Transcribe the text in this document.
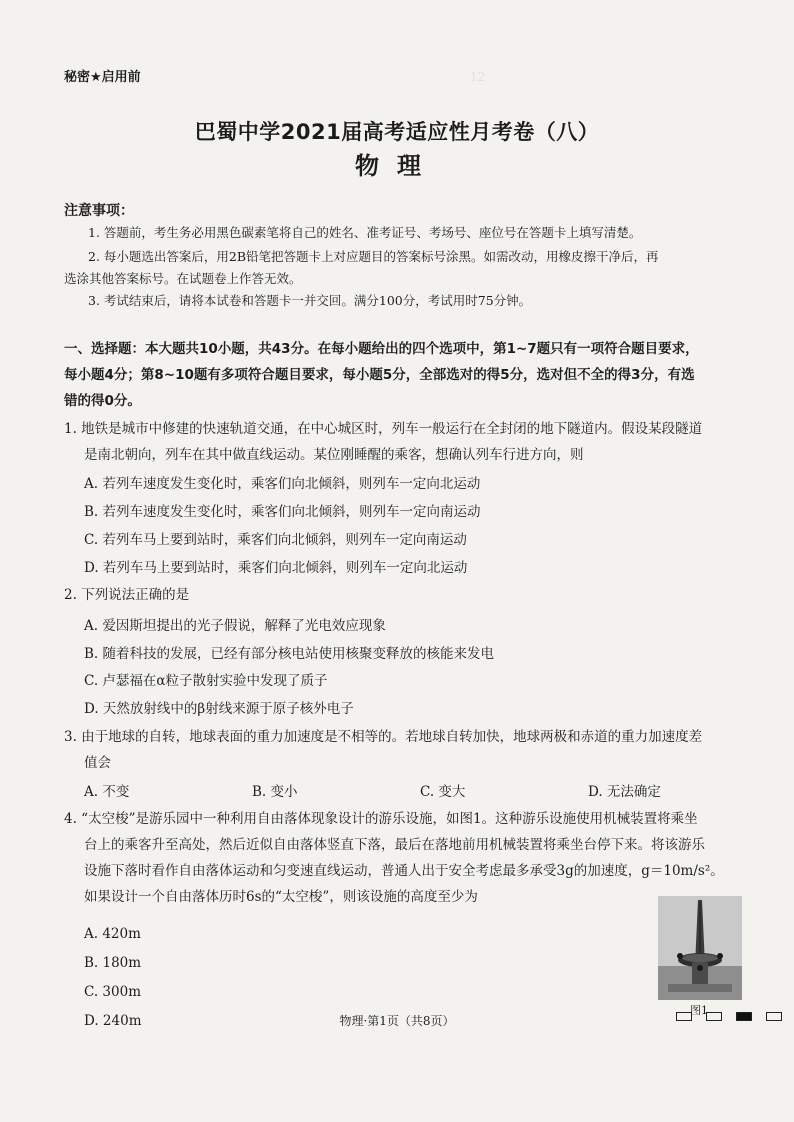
12
秘密★启用前
巴蜀中学2021届高考适应性月考卷（八）
物理
注意事项：
1. 答题前，考生务必用黑色碳素笔将自己的姓名、准考证号、考场号、座位号在答题卡上填写清楚。
2. 每小题选出答案后，用2B铅笔把答题卡上对应题目的答案标号涂黑。如需改动，用橡皮擦干净后，再
选涂其他答案标号。在试题卷上作答无效。
3. 考试结束后，请将本试卷和答题卡一并交回。满分100分，考试用时75分钟。
一、选择题：本大题共10小题，共43分。在每小题给出的四个选项中，第1~7题只有一项符合题目要求，
每小题4分；第8~10题有多项符合题目要求，每小题5分，全部选对的得5分，选对但不全的得3分，有选
错的得0分。
1. 地铁是城市中修建的快速轨道交通，在中心城区时，列车一般运行在全封闭的地下隧道内。假设某段隧道
是南北朝向，列车在其中做直线运动。某位刚睡醒的乘客，想确认列车行进方向，则
A. 若列车速度发生变化时，乘客们向北倾斜，则列车一定向北运动
B. 若列车速度发生变化时，乘客们向北倾斜，则列车一定向南运动
C. 若列车马上要到站时，乘客们向北倾斜，则列车一定向南运动
D. 若列车马上要到站时，乘客们向北倾斜，则列车一定向北运动
2. 下列说法正确的是
A. 爱因斯坦提出的光子假说，解释了光电效应现象
B. 随着科技的发展，已经有部分核电站使用核聚变释放的核能来发电
C. 卢瑟福在α粒子散射实验中发现了质子
D. 天然放射线中的β射线来源于原子核外电子
3. 由于地球的自转，地球表面的重力加速度是不相等的。若地球自转加快，地球两极和赤道的重力加速度差
值会
A. 不变	B. 变小	C. 变大	D. 无法确定
4. “太空梭”是游乐园中一种利用自由落体现象设计的游乐设施，如图1。这种游乐设施使用机械装置将乘坐
台上的乘客升至高处，然后近似自由落体竖直下落，最后在落地前用机械装置将乘坐台停下来。将该游乐
设施下落时看作自由落体运动和匀变速直线运动，普通人出于安全考虑最多承受3g的加速度，g＝10m/s²。
如果设计一个自由落体历时6s的“太空梭”，则该设施的高度至少为
A. 420m
B. 180m
C. 300m
D. 240m
图1
物理·第1页（共8页）
